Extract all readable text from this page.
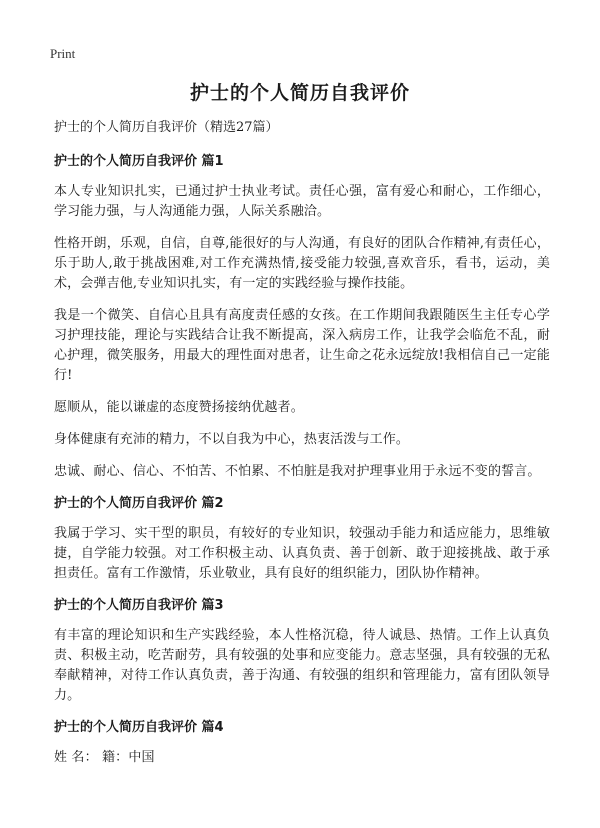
Print
护士的个人简历自我评价

护士的个人简历自我评价（精选27篇）

护士的个人简历自我评价 篇1

本人专业知识扎实，已通过护士执业考试。责任心强，富有爱心和耐心，工作细心，学习能力强，与人沟通能力强，人际关系融洽。

性格开朗，乐观，自信，自尊,能很好的与人沟通，有良好的团队合作精神,有责任心，乐于助人,敢于挑战困难,对工作充满热情,接受能力较强,喜欢音乐，看书，运动，美术，会弹吉他,专业知识扎实，有一定的实践经验与操作技能。

我是一个微笑、自信心且具有高度责任感的女孩。在工作期间我跟随医生主任专心学习护理技能，理论与实践结合让我不断提高，深入病房工作，让我学会临危不乱，耐心护理，微笑服务，用最大的理性面对患者，让生命之花永远绽放!我相信自己一定能行!

愿顺从，能以谦虚的态度赞扬接纳优越者。

身体健康有充沛的精力，不以自我为中心，热衷活泼与工作。

忠诚、耐心、信心、不怕苦、不怕累、不怕脏是我对护理事业用于永远不变的誓言。

护士的个人简历自我评价 篇2

我属于学习、实干型的职员，有较好的专业知识，较强动手能力和适应能力，思维敏捷，自学能力较强。对工作积极主动、认真负责、善于创新、敢于迎接挑战、敢于承担责任。富有工作激情，乐业敬业，具有良好的组织能力，团队协作精神。

护士的个人简历自我评价 篇3

有丰富的理论知识和生产实践经验，本人性格沉稳，待人诚恳、热情。工作上认真负责、积极主动，吃苦耐劳，具有较强的处事和应变能力。意志坚强，具有较强的无私奉献精神，对待工作认真负责，善于沟通、有较强的组织和管理能力，富有团队领导力。

护士的个人简历自我评价 篇4

姓 名： 籍：中国
